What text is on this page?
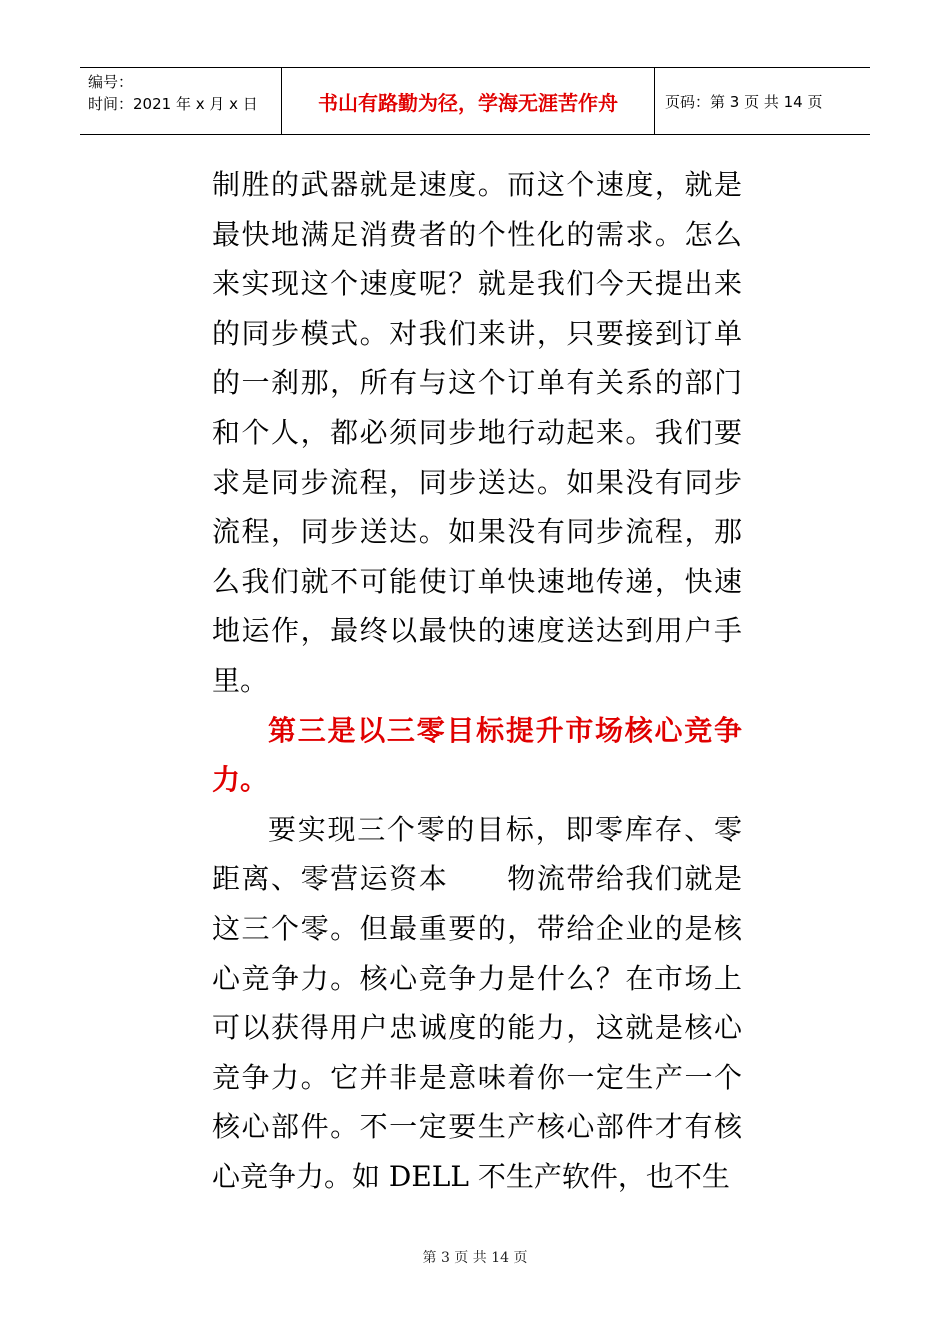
编号：
时间：2021 年 x 月 x 日	书山有路勤为径，学海无涯苦作舟	页码：第 3 页 共 14 页

制胜的武器就是速度。而这个速度，就是最快地满足消费者的个性化的需求。怎么来实现这个速度呢？就是我们今天提出来的同步模式。对我们来讲，只要接到订单的一刹那，所有与这个订单有关系的部门和个人，都必须同步地行动起来。我们要求是同步流程，同步送达。如果没有同步流程，同步送达。如果没有同步流程，那么我们就不可能使订单快速地传递，快速地运作，最终以最快的速度送达到用户手里。

第三是以三零目标提升市场核心竞争力。

要实现三个零的目标，即零库存、零距离、零营运资本　　物流带给我们就是这三个零。但最重要的，带给企业的是核心竞争力。核心竞争力是什么？在市场上可以获得用户忠诚度的能力，这就是核心竞争力。它并非是意味着你一定生产一个核心部件。不一定要生产核心部件才有核心竞争力。如 DELL 不生产软件，也不生

第 3 页 共 14 页
